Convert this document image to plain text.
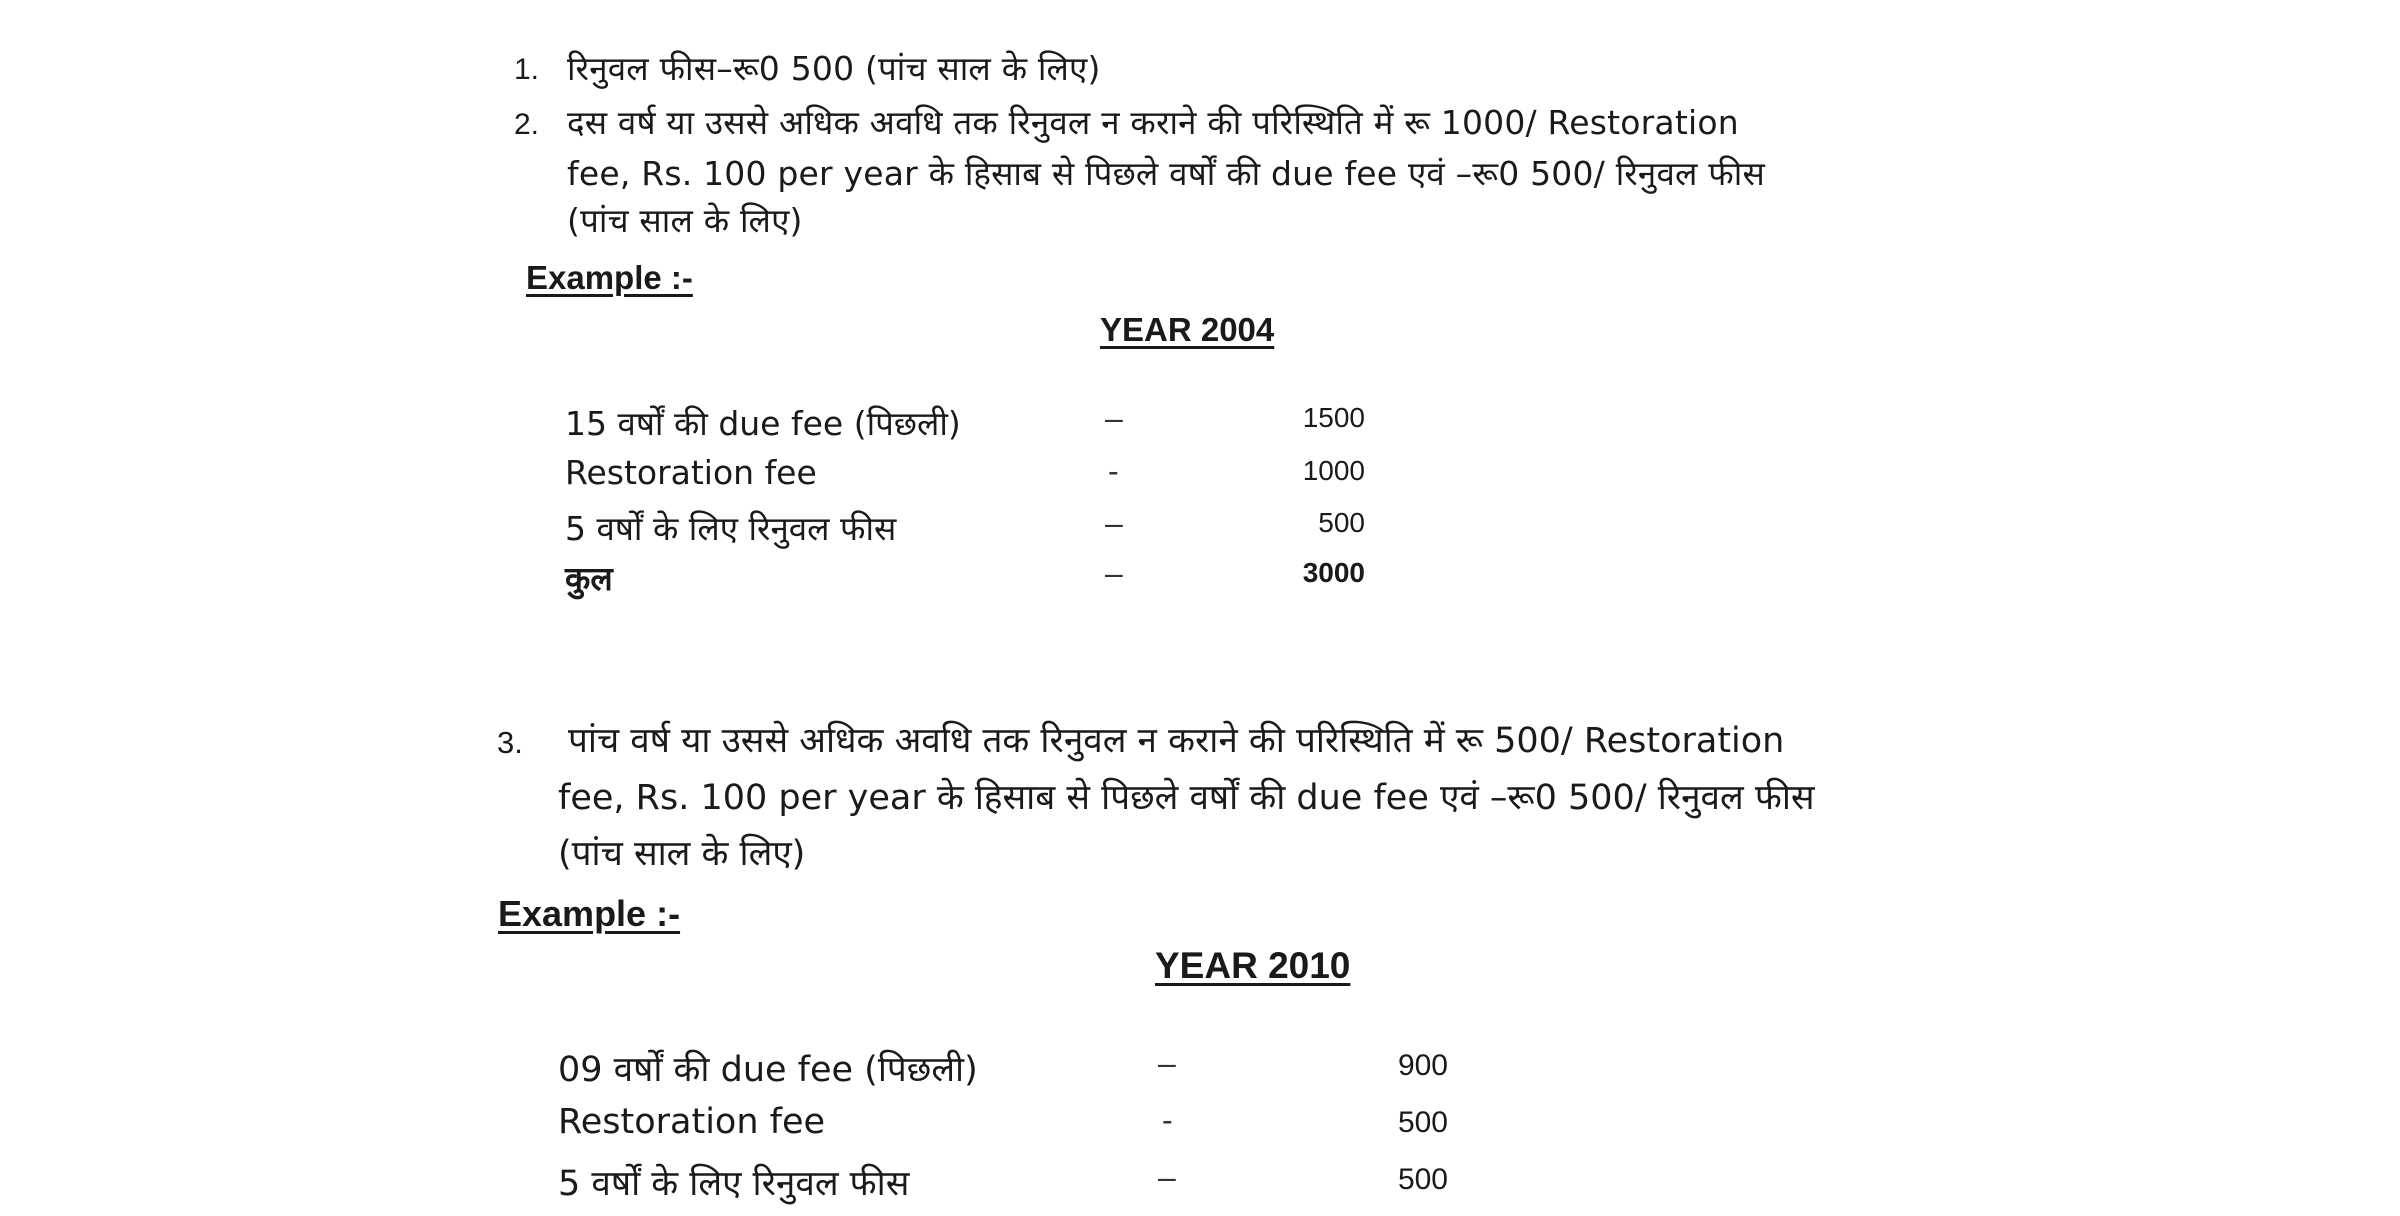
1. रिनुवल फीस–रू0 500 (पांच साल के लिए)
2. दस वर्ष या उससे अधिक अवधि तक रिनुवल न कराने की परिस्थिति में रू 1000/ Restoration
fee, Rs. 100 per year के हिसाब से पिछले वर्षों की due fee एवं –रू0 500/ रिनुवल फीस
(पांच साल के लिए)
Example :-
YEAR 2004
15 वर्षों की due fee (पिछली)	–	1500
Restoration fee	-	1000
5 वर्षों के लिए रिनुवल फीस	–	500
कुल	–	3000
3. पांच वर्ष या उससे अधिक अवधि तक रिनुवल न कराने की परिस्थिति में रू 500/ Restoration
fee, Rs. 100 per year के हिसाब से पिछले वर्षों की due fee एवं –रू0 500/ रिनुवल फीस
(पांच साल के लिए)
Example :-
YEAR 2010
09 वर्षों की due fee (पिछली)	–	900
Restoration fee	-	500
5 वर्षों के लिए रिनुवल फीस	–	500
